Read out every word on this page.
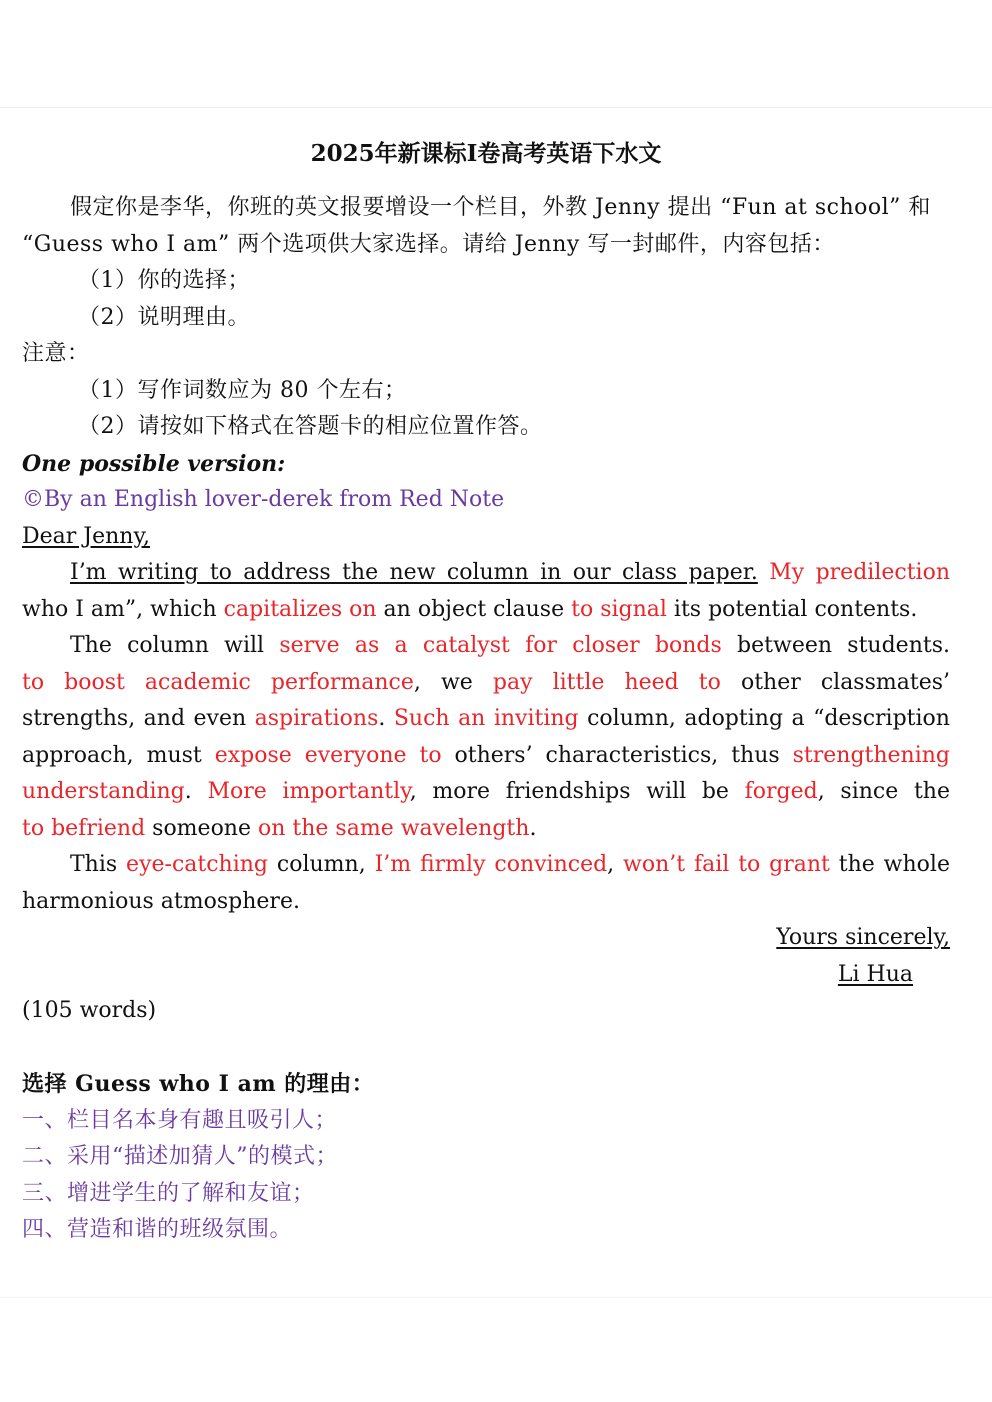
2025年新课标I卷高考英语下水文
假定你是李华，你班的英文报要增设一个栏目，外教 Jenny 提出 “Fun at school” 和
“Guess who I am” 两个选项供大家选择。请给 Jenny 写一封邮件，内容包括：
（1）你的选择；
（2）说明理由。
注意：
（1）写作词数应为 80 个左右；
（2）请按如下格式在答题卡的相应位置作答。
One possible version:
©By an English lover-derek from Red Note
Dear Jenny,
I’m writing to address the new column in our class paper. My predilection
who I am”, which capitalizes on an object clause to signal its potential contents.
The column will serve as a catalyst for closer bonds between students.
to boost academic performance, we pay little heed to other classmates’
strengths, and even aspirations. Such an inviting column, adopting a “description
approach, must expose everyone to others’ characteristics, thus strengthening
understanding. More importantly, more friendships will be forged, since the
to befriend someone on the same wavelength.
This eye-catching column, I’m firmly convinced, won’t fail to grant the whole
harmonious atmosphere.
Yours sincerely,
Li Hua
(105 words)
选择 Guess who I am 的理由：
一、栏目名本身有趣且吸引人；
二、采用“描述加猜人”的模式；
三、增进学生的了解和友谊；
四、营造和谐的班级氛围。
